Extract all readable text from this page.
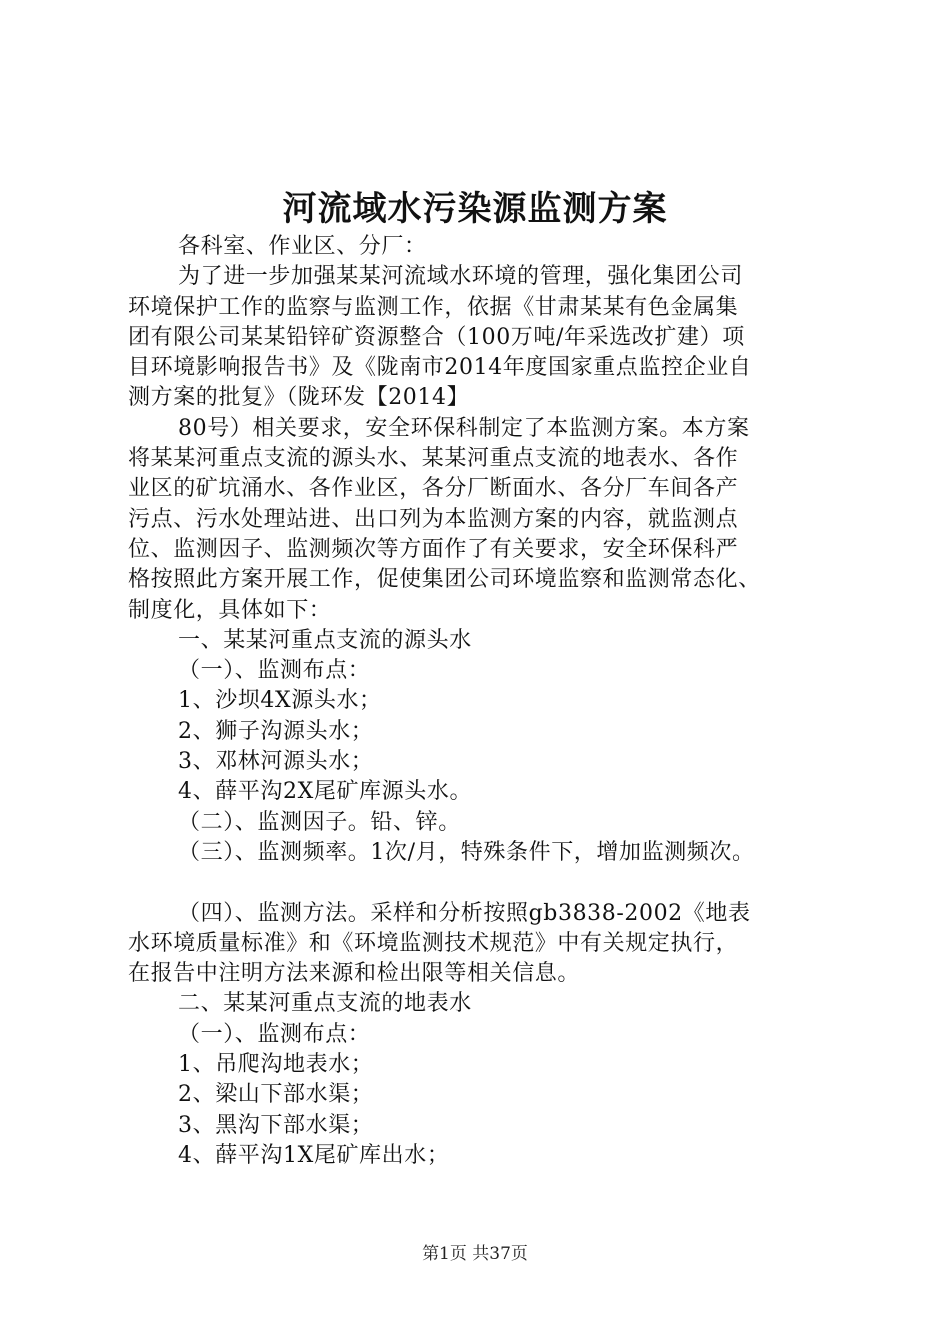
河流域水污染源监测方案
各科室、作业区、分厂：
为了进一步加强某某河流域水环境的管理，强化集团公司
环境保护工作的监察与监测工作，依据《甘肃某某有色金属集
团有限公司某某铅锌矿资源整合（100万吨/年采选改扩建）项
目环境影响报告书》及《陇南市2014年度国家重点监控企业自
测方案的批复》（陇环发【2014】
80号）相关要求，安全环保科制定了本监测方案。本方案
将某某河重点支流的源头水、某某河重点支流的地表水、各作
业区的矿坑涌水、各作业区，各分厂断面水、各分厂车间各产
污点、污水处理站进、出口列为本监测方案的内容，就监测点
位、监测因子、监测频次等方面作了有关要求，安全环保科严
格按照此方案开展工作，促使集团公司环境监察和监测常态化、
制度化，具体如下：
一、某某河重点支流的源头水
（一）、监测布点：
1、沙坝4X源头水；
2、狮子沟源头水；
3、邓林河源头水；
4、薛平沟2X尾矿库源头水。
（二）、监测因子。铅、锌。
（三）、监测频率。1次/月，特殊条件下，增加监测频次。
（四）、监测方法。采样和分析按照gb3838-2002《地表
水环境质量标准》和《环境监测技术规范》中有关规定执行，
在报告中注明方法来源和检出限等相关信息。
二、某某河重点支流的地表水
（一）、监测布点：
1、吊爬沟地表水；
2、梁山下部水渠；
3、黑沟下部水渠；
4、薛平沟1X尾矿库出水；
第1页 共37页
